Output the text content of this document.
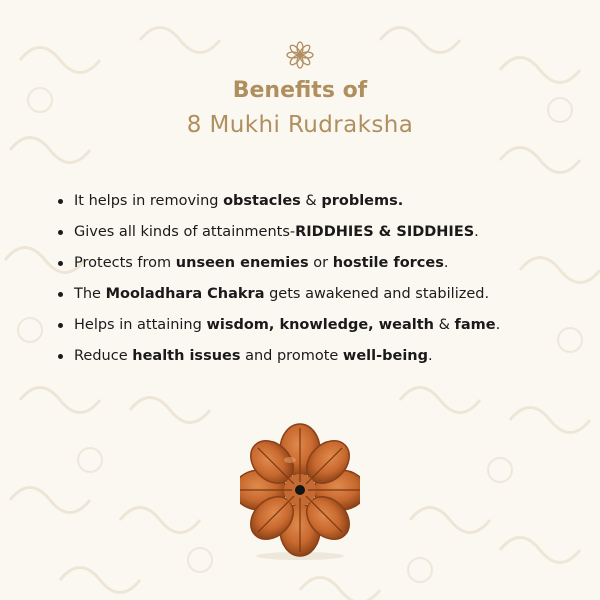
Benefits of
8 Mukhi Rudraksha
It helps in removing obstacles & problems.
Gives all kinds of attainments-RIDDHIES & SIDDHIES.
Protects from unseen enemies or hostile forces.
The Mooladhara Chakra gets awakened and stabilized.
Helps in attaining wisdom, knowledge, wealth & fame.
Reduce health issues and promote well-being.
